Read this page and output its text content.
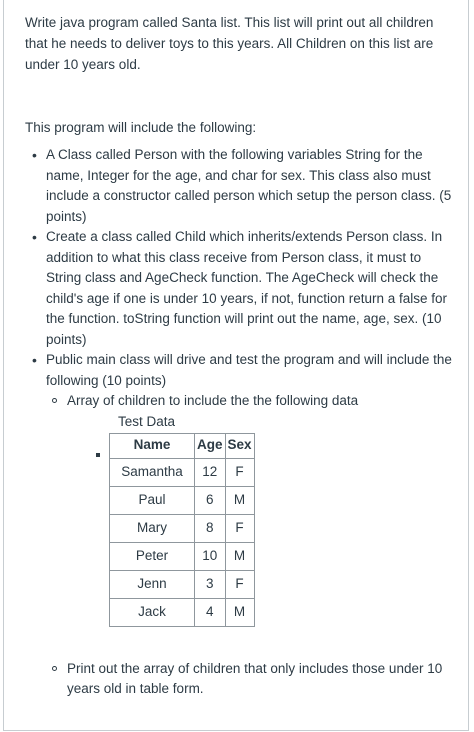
Write java program called Santa list. This list will print out all children that he needs to deliver toys to this years. All Children on this list are under 10 years old.

This program will include the following:

• A Class called Person with the following variables String for the name, Integer for the age, and char for sex. This class also must include a constructor called person which setup the person class. (5 points)
• Create a class called Child which inherits/extends Person class. In addition to what this class receive from Person class, it must to String class and AgeCheck function. The AgeCheck will check the child's age if one is under 10 years, if not, function return a false for the function. toString function will print out the name, age, sex. (10 points)
• Public main class will drive and test the program and will include the following (10 points)
Array of children to include the the following data
Test Data
Name	Age	Sex
Samantha	12	F
Paul	6	M
Mary	8	F
Peter	10	M
Jenn	3	F
Jack	4	M
Print out the array of children that only includes those under 10 years old in table form.
